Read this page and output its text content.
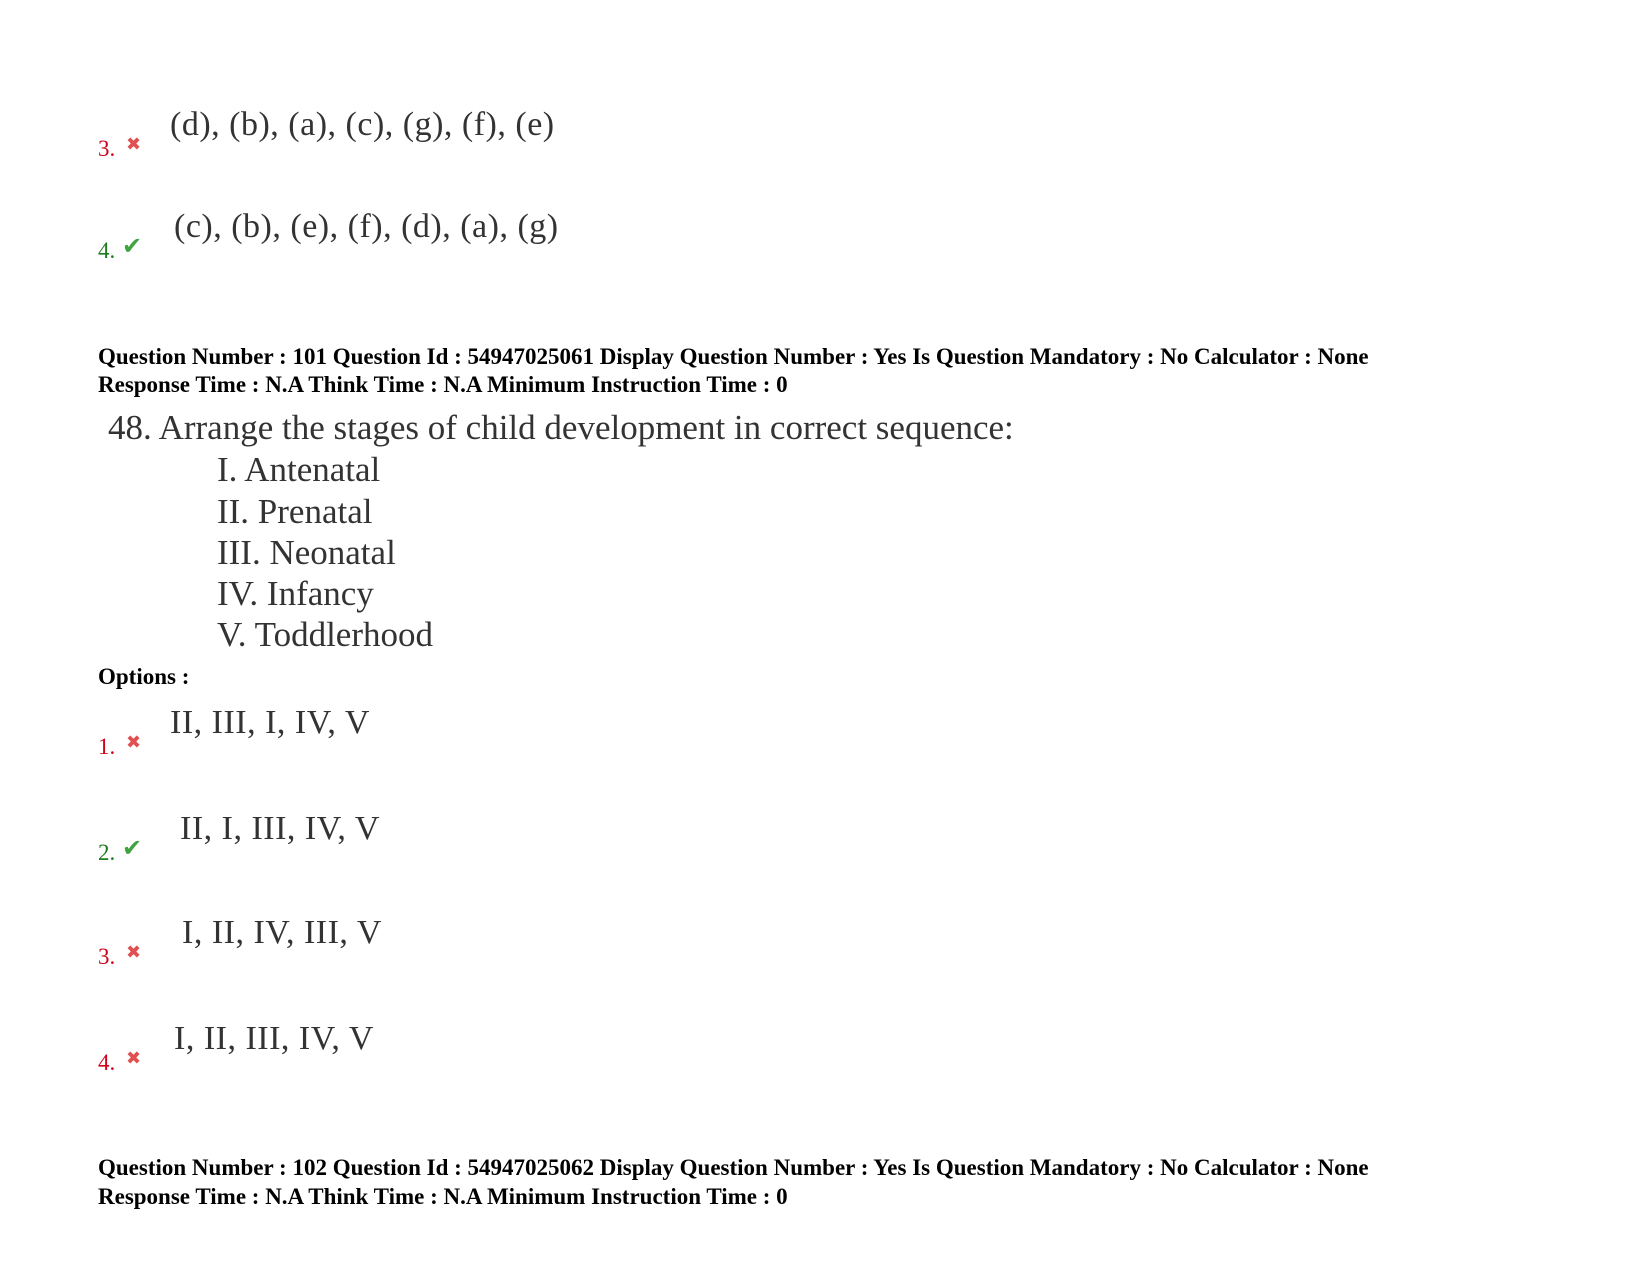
3. ✖
(d), (b), (a), (c), (g), (f), (e)
4. ✔
(c), (b), (e), (f), (d), (a), (g)
Question Number : 101 Question Id : 54947025061 Display Question Number : Yes Is Question Mandatory : No Calculator : None
Response Time : N.A Think Time : N.A Minimum Instruction Time : 0
48. Arrange the stages of child development in correct sequence:
I. Antenatal
II. Prenatal
III. Neonatal
IV. Infancy
V. Toddlerhood
Options :
1. ✖
II, III, I, IV, V
2. ✔
II, I, III, IV, V
3. ✖
I, II, IV, III, V
4. ✖
I, II, III, IV, V
Question Number : 102 Question Id : 54947025062 Display Question Number : Yes Is Question Mandatory : No Calculator : None
Response Time : N.A Think Time : N.A Minimum Instruction Time : 0
